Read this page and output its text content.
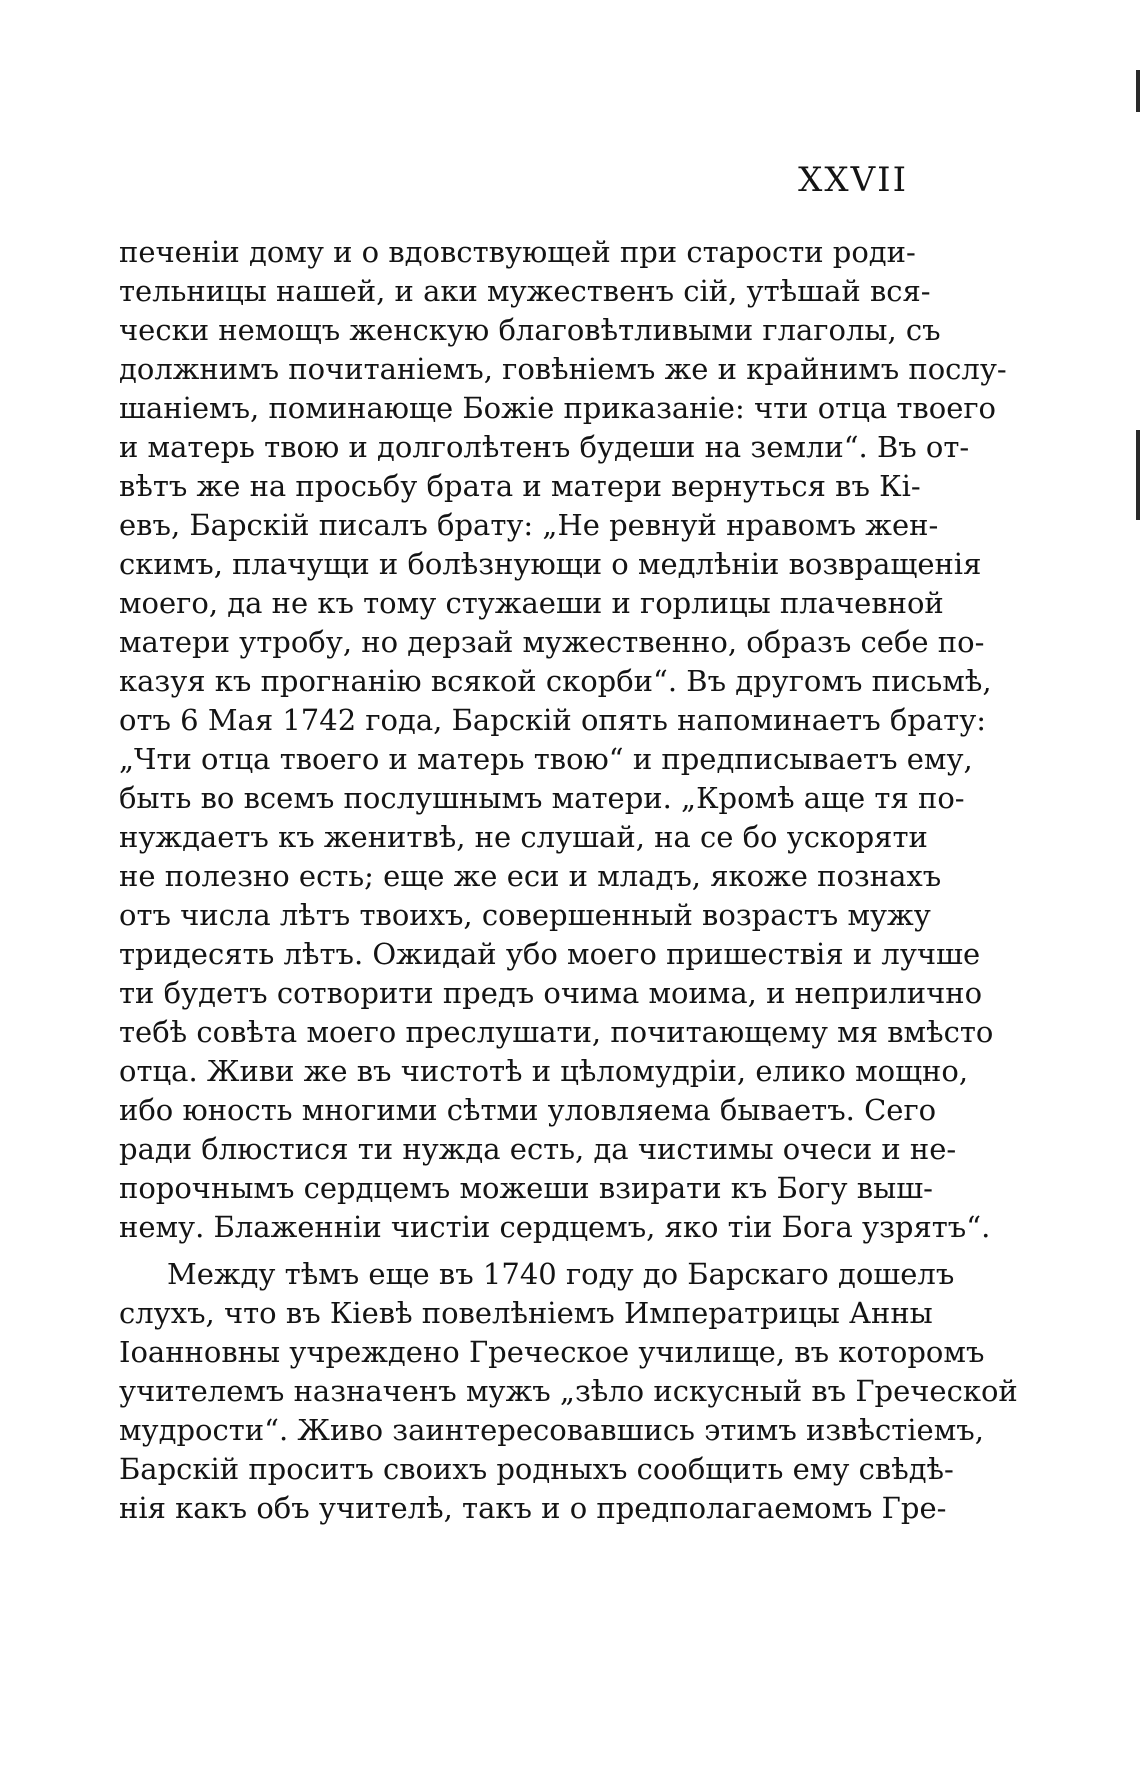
XXVII
печенiи дому и о вдовствующей при старости роди-
тельницы нашей, и аки мужественъ сiй, утѣшай вся-
чески немощъ женскую благовѣтливыми глаголы, съ
должнимъ почитанiемъ, говѣнiемъ же и крайнимъ послу-
шанiемъ, поминающе Божiе приказанiе: чти отца твоего
и матерь твою и долголѣтенъ будеши на земли“. Въ от-
вѣтъ же на просьбу брата и матери вернуться въ Кi-
евъ, Барскiй писалъ брату: „Не ревнуй нравомъ жен-
скимъ, плачущи и болѣзнующи о медлѣнiи возвращенiя
моего, да не къ тому стужаеши и горлицы плачевной
матери утробу, но дерзай мужественно, образъ себе по-
казуя къ прогнанiю всякой скорби“. Въ другомъ письмѣ,
отъ 6 Мая 1742 года, Барскiй опять напоминаетъ брату:
„Чти отца твоего и матерь твою“ и предписываетъ ему,
быть во всемъ послушнымъ матери. „Кромѣ аще тя по-
нуждаетъ къ женитвѣ, не слушай, на се бо ускоряти
не полезно есть; еще же еси и младъ, якоже познахъ
отъ числа лѣтъ твоихъ, совершенный возрастъ мужу
тридесять лѣтъ. Ожидай убо моего пришествiя и лучше
ти будетъ сотворити предъ очима моима, и неприлично
тебѣ совѣта моего преслушати, почитающему мя вмѣсто
отца. Живи же въ чистотѣ и цѣломудрiи, елико мощно,
ибо юность многими сѣтми уловляема бываетъ. Сего
ради блюстися ти нужда есть, да чистимы очеси и не-
порочнымъ сердцемъ можеши взирати къ Богу выш-
нему. Блаженнiи чистiи сердцемъ, яко тiи Бога узрятъ“.
Между тѣмъ еще въ 1740 году до Барскаго дошелъ
слухъ, что въ Кiевѣ повелѣнiемъ Императрицы Анны
Iоанновны учреждено Греческое училище, въ которомъ
учителемъ назначенъ мужъ „зѣло искусный въ Греческой
мудрости“. Живо заинтересовавшись этимъ извѣстiемъ,
Барскiй проситъ своихъ родныхъ сообщить ему свѣдѣ-
нiя какъ объ учителѣ, такъ и о предполагаемомъ Гре-
